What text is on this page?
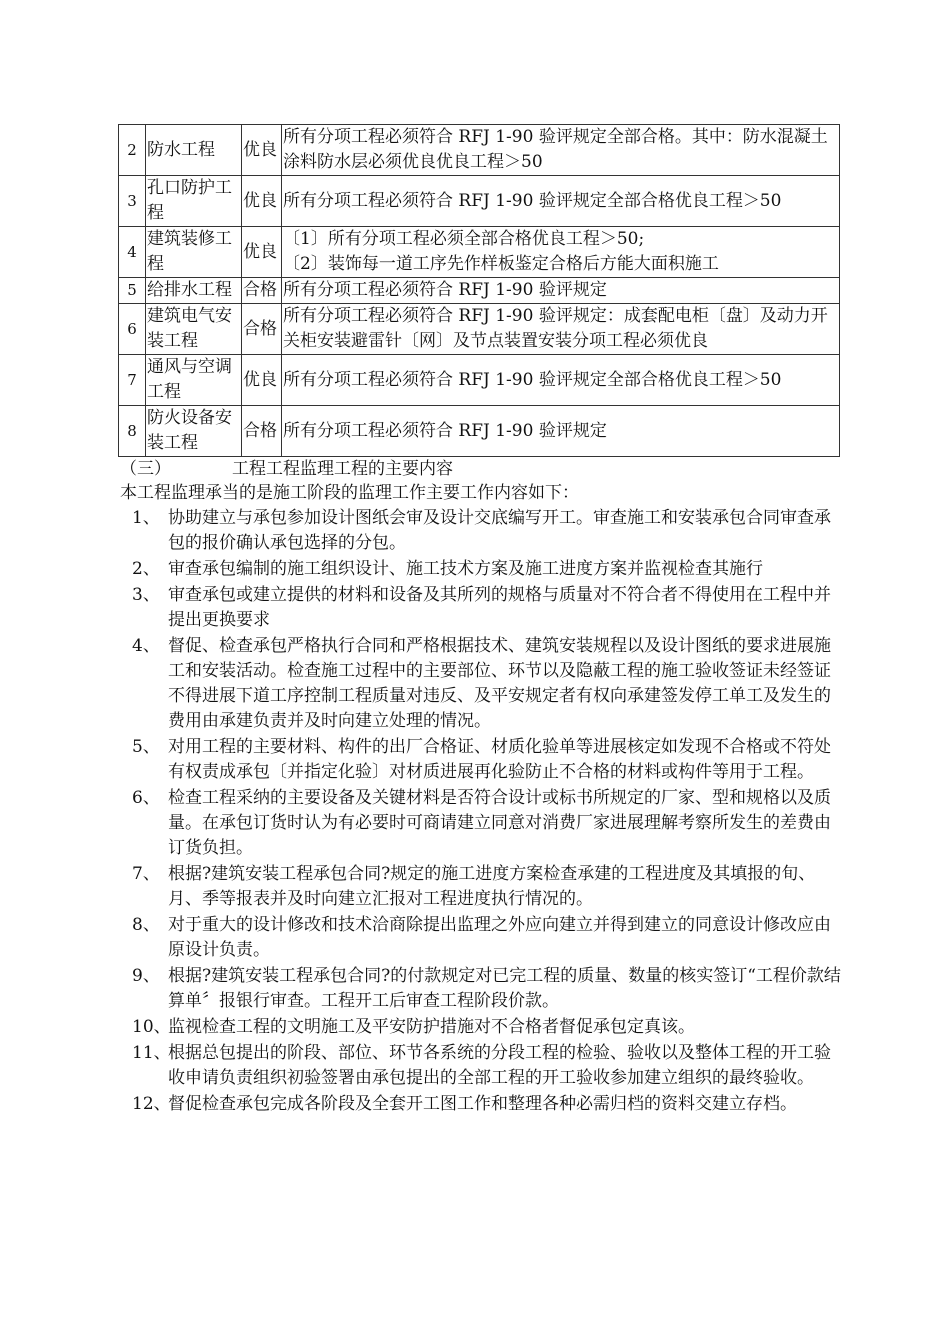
2	防水工程	优良	所有分项工程必须符合 RFJ 1-90 验评规定全部合格。其中：防水混凝土涂料防水层必须优良优良工程＞50
3	孔口防护工程	优良	所有分项工程必须符合 RFJ 1-90 验评规定全部合格优良工程＞50
4	建筑装修工程	优良	〔1〕所有分项工程必须全部合格优良工程＞50;
〔2〕装饰每一道工序先作样板鉴定合格后方能大面积施工

5	给排水工程	合格	所有分项工程必须符合 RFJ 1-90 验评规定
6	建筑电气安装工程	合格	所有分项工程必须符合 RFJ 1-90 验评规定：成套配电柜〔盘〕及动力开关柜安装避雷针〔网〕及节点装置安装分项工程必须优良
7	通风与空调工程	优良	所有分项工程必须符合 RFJ 1-90 验评规定全部合格优良工程＞50
8	防火设备安装工程	合格	所有分项工程必须符合 RFJ 1-90 验评规定
（三）	工程工程监理工程的主要内容
本工程监理承当的是施工阶段的监理工作主要工作内容如下：
1、 协助建立与承包参加设计图纸会审及设计交底编写开工。审查施工和安装承包合同审查承包的报价确认承包选择的分包。
2、 审查承包编制的施工组织设计、施工技术方案及施工进度方案并监视检查其施行
3、 审查承包或建立提供的材料和设备及其所列的规格与质量对不符合者不得使用在工程中并提出更换要求
4、 督促、检查承包严格执行合同和严格根据技术、建筑安装规程以及设计图纸的要求进展施工和安装活动。检查施工过程中的主要部位、环节以及隐蔽工程的施工验收签证未经签证不得进展下道工序控制工程质量对违反、及平安规定者有权向承建签发停工单工及发生的费用由承建负责并及时向建立处理的情况。
5、 对用工程的主要材料、构件的出厂合格证、材质化验单等进展核定如发现不合格或不符处有权责成承包〔并指定化验〕对材质进展再化验防止不合格的材料或构件等用于工程。
6、 检查工程采纳的主要设备及关键材料是否符合设计或标书所规定的厂家、型和规格以及质量。在承包订货时认为有必要时可商请建立同意对消费厂家进展理解考察所发生的差费由订货负担。
7、 根据?建筑安装工程承包合同?规定的施工进度方案检查承建的工程进度及其填报的旬、月、季等报表并及时向建立汇报对工程进度执行情况的。
8、 对于重大的设计修改和技术洽商除提出监理之外应向建立并得到建立的同意设计修改应由原设计负责。
9、 根据?建筑安装工程承包合同?的付款规定对已完工程的质量、数量的核实签订“工程价款结算单〞报银行审查。工程开工后审查工程阶段价款。
10、
监视检查工程的文明施工及平安防护措施对不合格者督促承包定真该。
11、
根据总包提出的阶段、部位、环节各系统的分段工程的检验、验收以及整体工程的开工验收申请负责组织初验签署由承包提出的全部工程的开工验收参加建立组织的最终验收。
12、
督促检查承包完成各阶段及全套开工图工作和整理各种必需归档的资料交建立存档。
